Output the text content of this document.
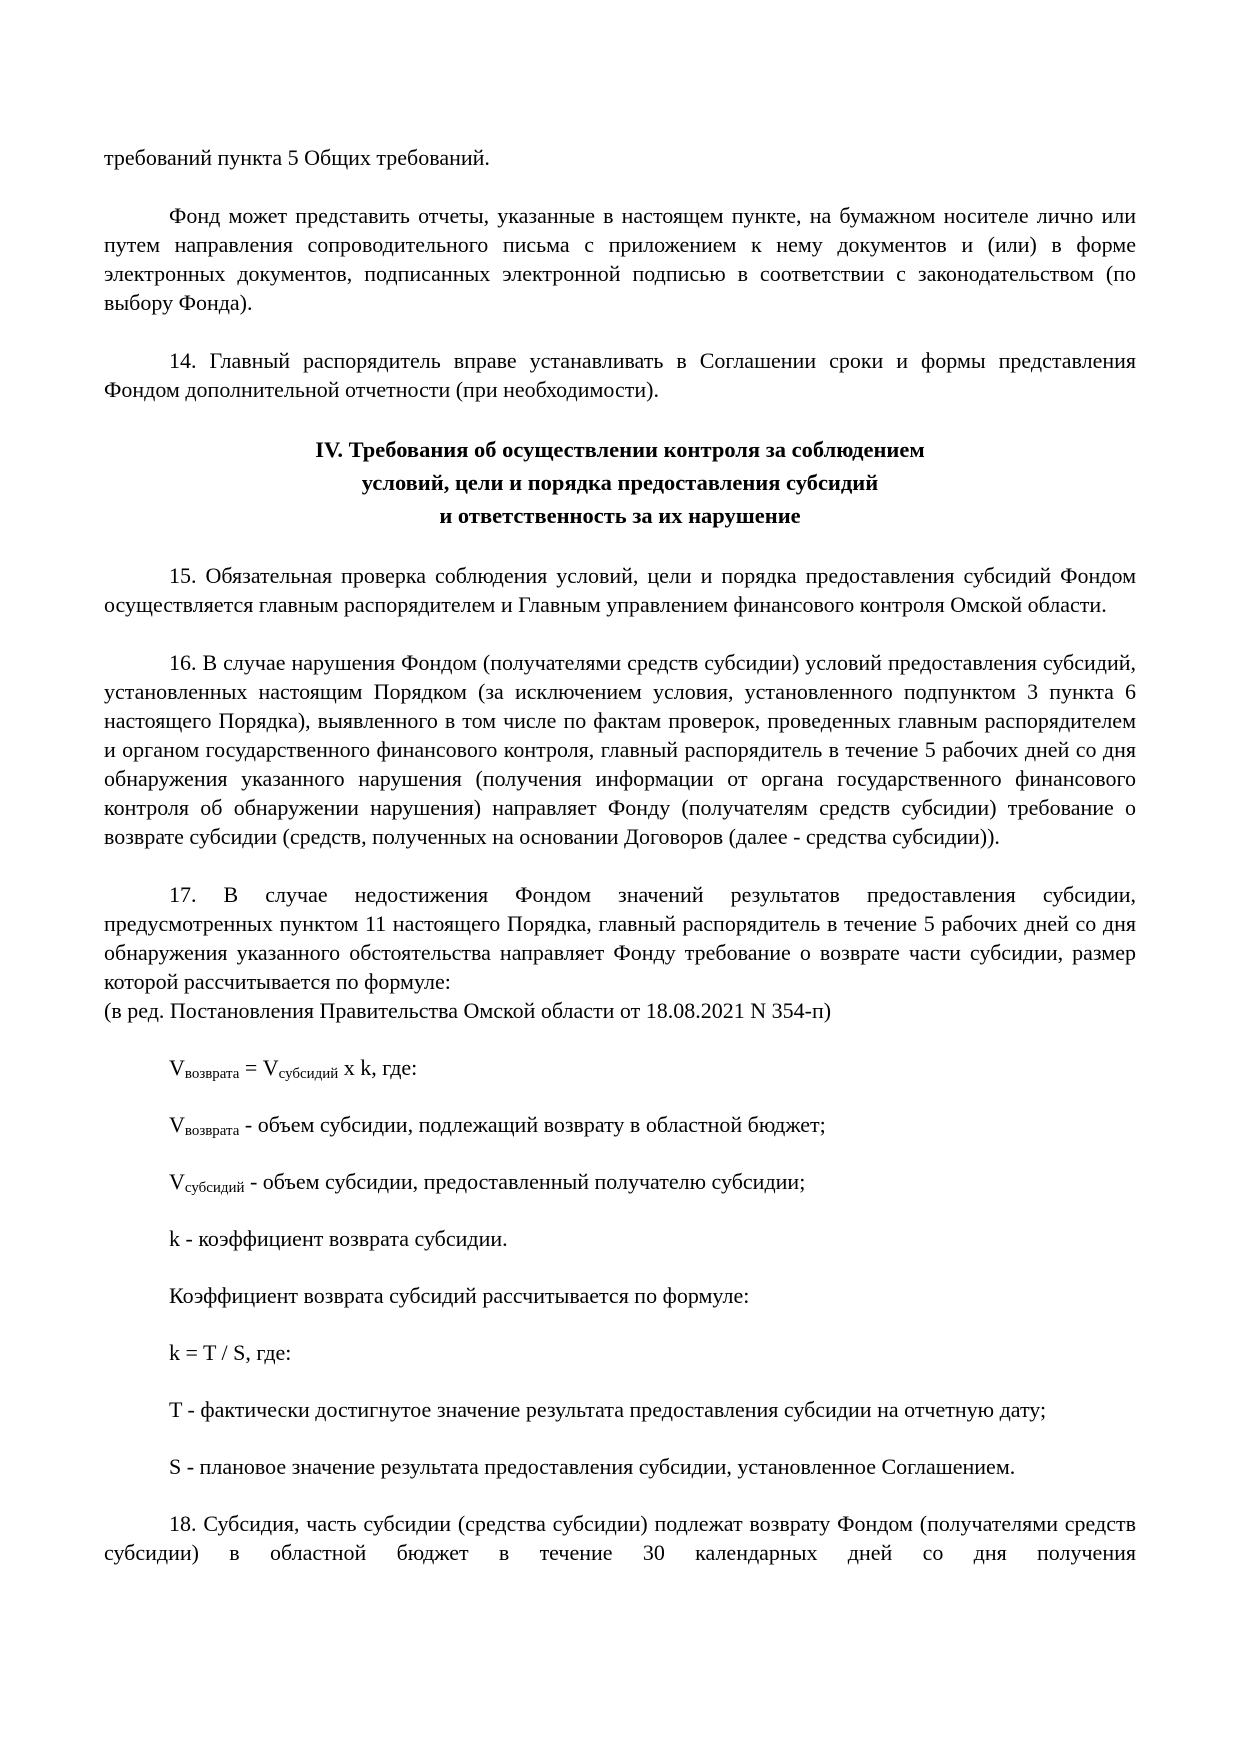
требований пункта 5 Общих требований.

Фонд может представить отчеты, указанные в настоящем пункте, на бумажном носителе лично или путем направления сопроводительного письма с приложением к нему документов и (или) в форме электронных документов, подписанных электронной подписью в соответствии с законодательством (по выбору Фонда).

14. Главный распорядитель вправе устанавливать в Соглашении сроки и формы представления Фондом дополнительной отчетности (при необходимости).

IV. Требования об осуществлении контроля за соблюдением
условий, цели и порядка предоставления субсидий
и ответственность за их нарушение

15. Обязательная проверка соблюдения условий, цели и порядка предоставления субсидий Фондом осуществляется главным распорядителем и Главным управлением финансового контроля Омской области.

16. В случае нарушения Фондом (получателями средств субсидии) условий предоставления субсидий, установленных настоящим Порядком (за исключением условия, установленного подпунктом 3 пункта 6 настоящего Порядка), выявленного в том числе по фактам проверок, проведенных главным распорядителем и органом государственного финансового контроля, главный распорядитель в течение 5 рабочих дней со дня обнаружения указанного нарушения (получения информации от органа государственного финансового контроля об обнаружении нарушения) направляет Фонду (получателям средств субсидии) требование о возврате субсидии (средств, полученных на основании Договоров (далее - средства субсидии)).

17. В случае недостижения Фондом значений результатов предоставления субсидии, предусмотренных пунктом 11 настоящего Порядка, главный распорядитель в течение 5 рабочих дней со дня обнаружения указанного обстоятельства направляет Фонду требование о возврате части субсидии, размер которой рассчитывается по формуле:

(в ред. Постановления Правительства Омской области от 18.08.2021 N 354-п)

$V_{возврата} = V_{субсидий}$ x k, где:

$V_{возврата}$ - объем субсидии, подлежащий возврату в областной бюджет;

$V_{субсидий}$ - объем субсидии, предоставленный получателю субсидии;

k - коэффициент возврата субсидии.

Коэффициент возврата субсидий рассчитывается по формуле:

k = T / S, где:

T - фактически достигнутое значение результата предоставления субсидии на отчетную дату;

S - плановое значение результата предоставления субсидии, установленное Соглашением.

18. Субсидия, часть субсидии (средства субсидии) подлежат возврату Фондом (получателями средств субсидии) в областной бюджет в течение 30 календарных дней со дня получения
